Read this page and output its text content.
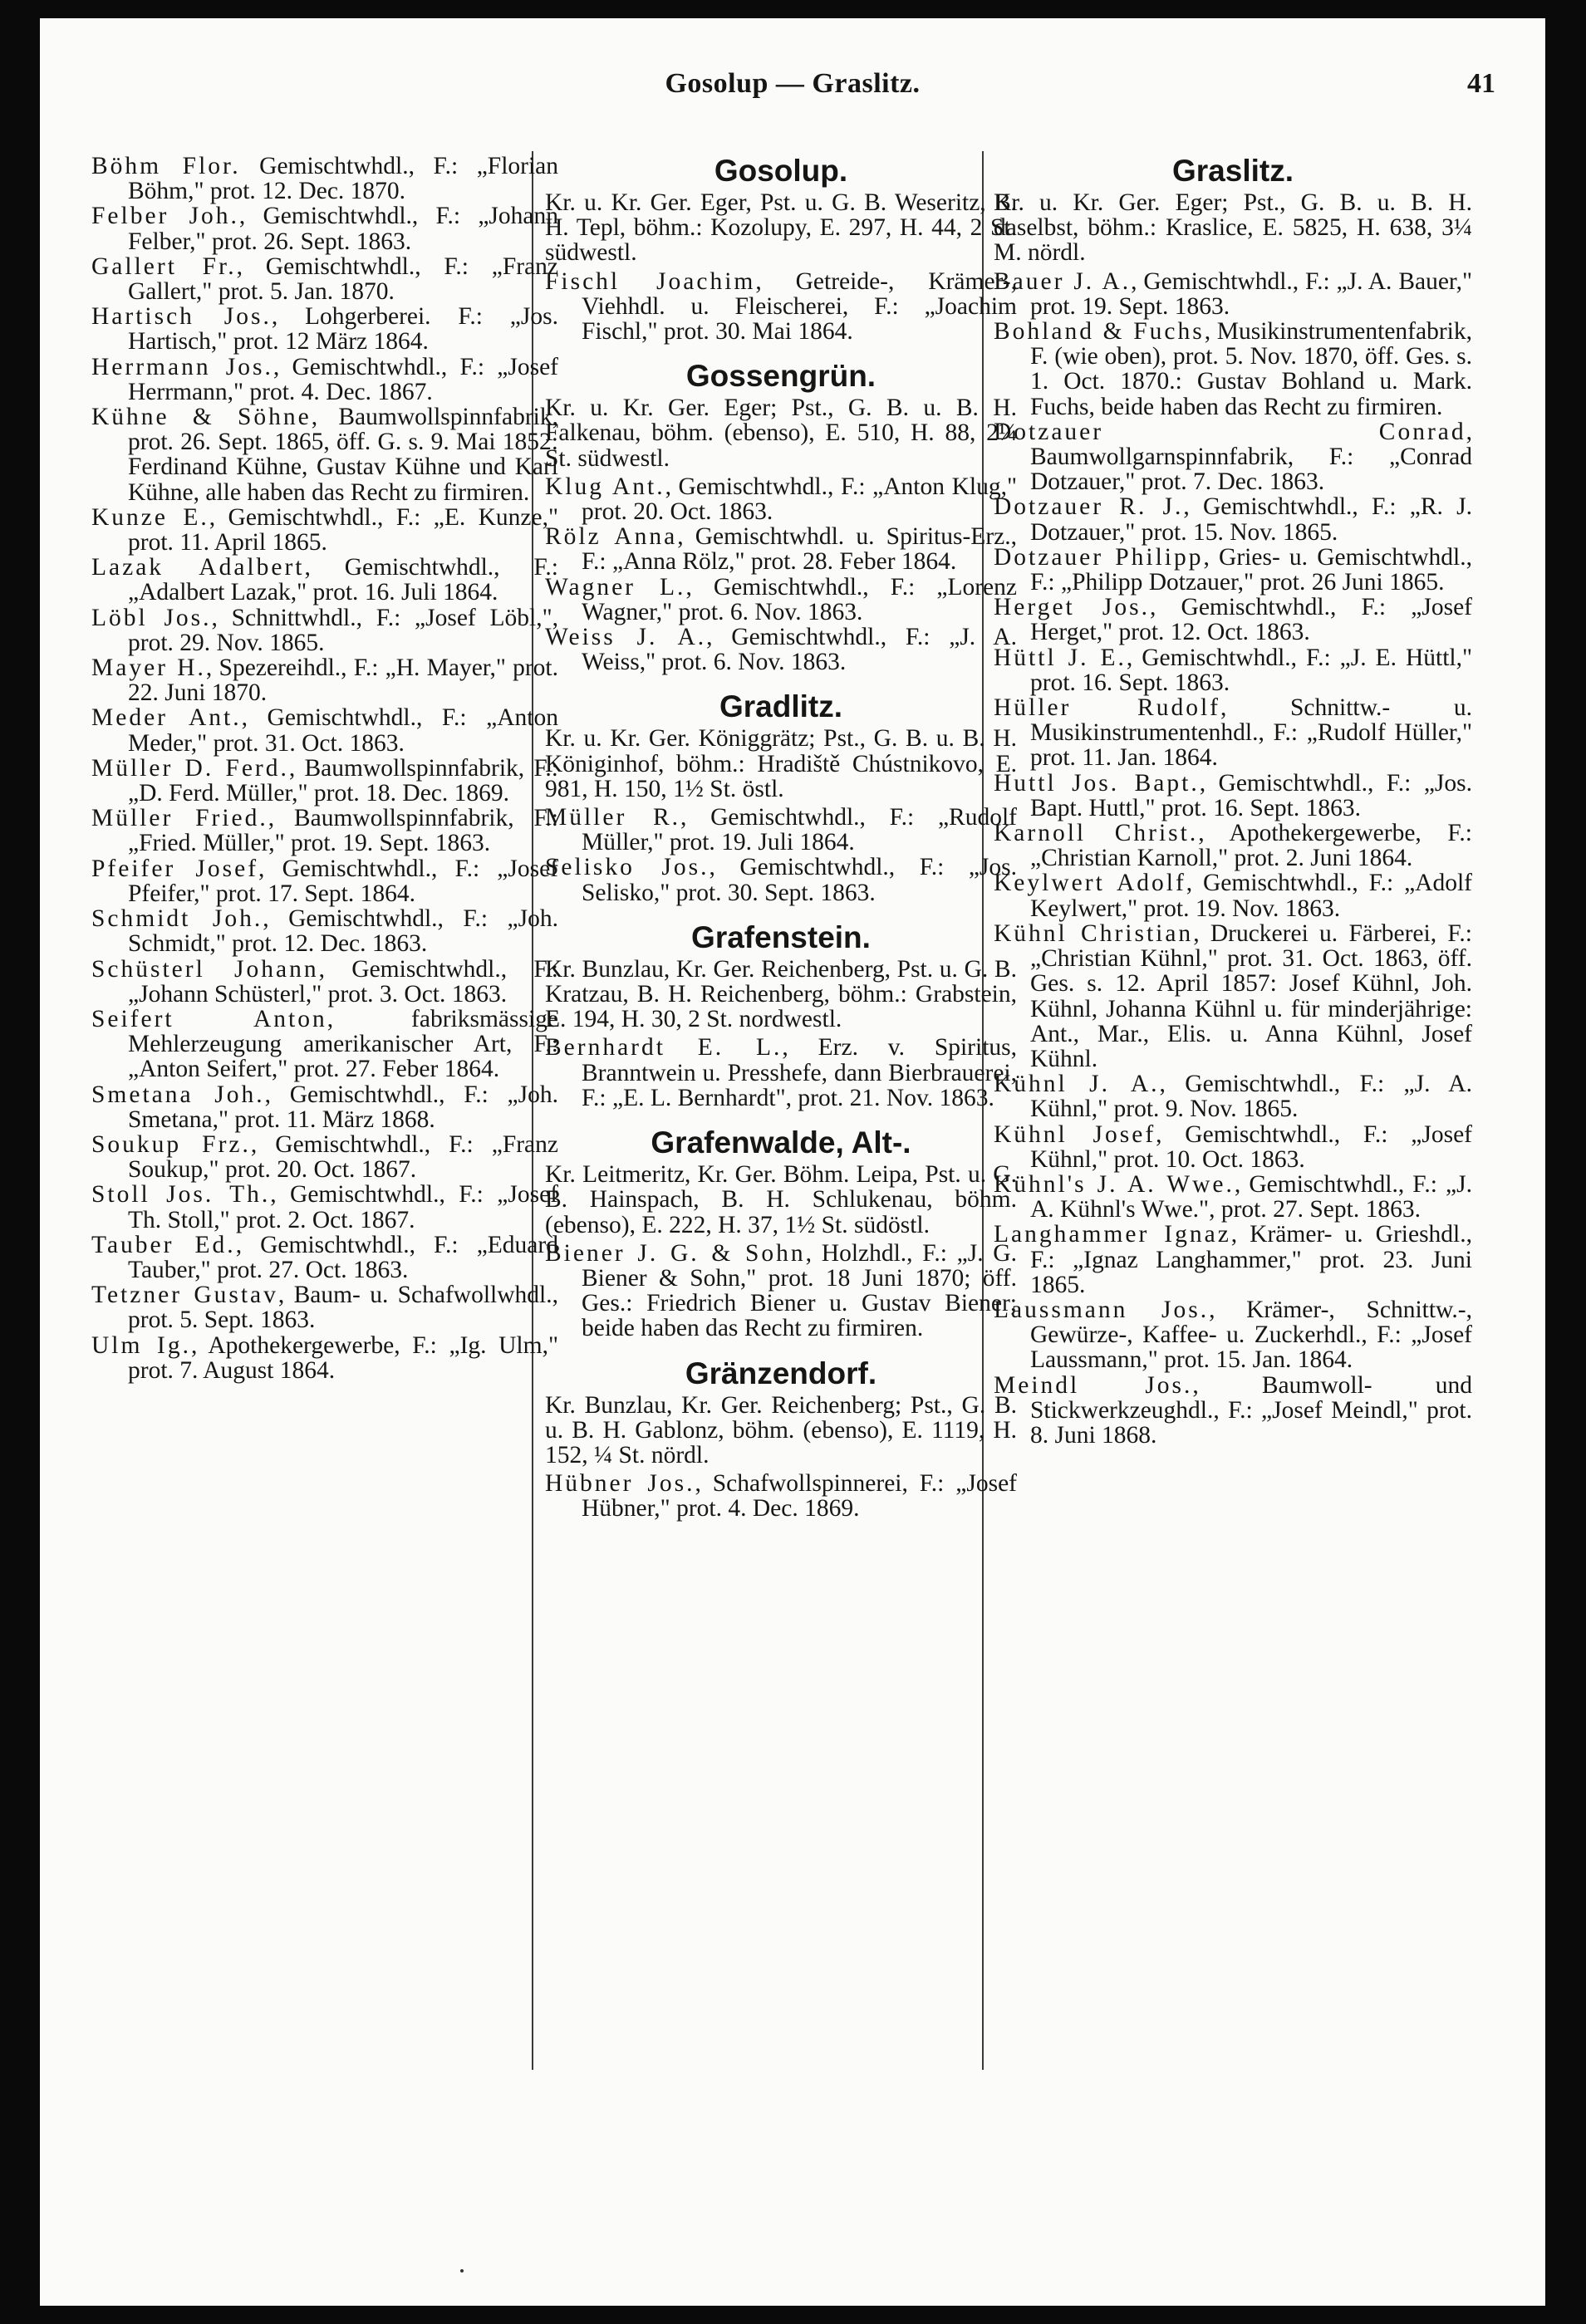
Gosolup — Graslitz.	41
Böhm Flor. Gemischtwhdl., F.: „Florian Böhm," prot. 12. Dec. 1870.
Felber Joh., Gemischtwhdl., F.: „Johann Felber," prot. 26. Sept. 1863.
Gallert Fr., Gemischtwhdl., F.: „Franz Gallert," prot. 5. Jan. 1870.
Hartisch Jos., Lohgerberei. F.: „Jos. Hartisch," prot. 12 März 1864.
Herrmann Jos., Gemischtwhdl., F.: „Josef Herrmann," prot. 4. Dec. 1867.
Kühne & Söhne, Baumwollspinnfabrik, prot. 26. Sept. 1865, öff. G. s. 9. Mai 1852: Ferdinand Kühne, Gustav Kühne und Karl Kühne, alle haben das Recht zu firmiren.
Kunze E., Gemischtwhdl., F.: „E. Kunze," prot. 11. April 1865.
Lazak Adalbert, Gemischtwhdl., F.: „Adalbert Lazak," prot. 16. Juli 1864.
Löbl Jos., Schnittwhdl., F.: „Josef Löbl,", prot. 29. Nov. 1865.
Mayer H., Spezereihdl., F.: „H. Mayer," prot. 22. Juni 1870.
Meder Ant., Gemischtwhdl., F.: „Anton Meder," prot. 31. Oct. 1863.
Müller D. Ferd., Baumwollspinnfabrik, F.: „D. Ferd. Müller," prot. 18. Dec. 1869.
Müller Fried., Baumwollspinnfabrik, F.: „Fried. Müller," prot. 19. Sept. 1863.
Pfeifer Josef, Gemischtwhdl., F.: „Josef Pfeifer," prot. 17. Sept. 1864.
Schmidt Joh., Gemischtwhdl., F.: „Joh. Schmidt," prot. 12. Dec. 1863.
Schüsterl Johann, Gemischtwhdl., F.: „Johann Schüsterl," prot. 3. Oct. 1863.
Seifert Anton, fabriksmässige Mehlerzeugung amerikanischer Art, F.: „Anton Seifert," prot. 27. Feber 1864.
Smetana Joh., Gemischtwhdl., F.: „Joh. Smetana," prot. 11. März 1868.
Soukup Frz., Gemischtwhdl., F.: „Franz Soukup," prot. 20. Oct. 1867.
Stoll Jos. Th., Gemischtwhdl., F.: „Josef Th. Stoll," prot. 2. Oct. 1867.
Tauber Ed., Gemischtwhdl., F.: „Eduard Tauber," prot. 27. Oct. 1863.
Tetzner Gustav, Baum- u. Schafwollwhdl., prot. 5. Sept. 1863.
Ulm Ig., Apothekergewerbe, F.: „Ig. Ulm," prot. 7. August 1864.
Gosolup.
Kr. u. Kr. Ger. Eger, Pst. u. G. B. Weseritz, B. H. Tepl, böhm.: Kozolupy, E. 297, H. 44, 2 St. südwestl.
Fischl Joachim, Getreide-, Krämer-, Viehhdl. u. Fleischerei, F.: „Joachim Fischl," prot. 30. Mai 1864.
Gossengrün.
Kr. u. Kr. Ger. Eger; Pst., G. B. u. B. H. Falkenau, böhm. (ebenso), E. 510, H. 88, 2¼ St. südwestl.
Klug Ant., Gemischtwhdl., F.: „Anton Klug," prot. 20. Oct. 1863.
Rölz Anna, Gemischtwhdl. u. Spiritus-Erz., F.: „Anna Rölz," prot. 28. Feber 1864.
Wagner L., Gemischtwhdl., F.: „Lorenz Wagner," prot. 6. Nov. 1863.
Weiss J. A., Gemischtwhdl., F.: „J. A. Weiss," prot. 6. Nov. 1863.
Gradlitz.
Kr. u. Kr. Ger. Königgrätz; Pst., G. B. u. B. H. Königinhof, böhm.: Hradiště Chústnikovo, E. 981, H. 150, 1½ St. östl.
Müller R., Gemischtwhdl., F.: „Rudolf Müller," prot. 19. Juli 1864.
Selisko Jos., Gemischtwhdl., F.: „Jos. Selisko," prot. 30. Sept. 1863.
Grafenstein.
Kr. Bunzlau, Kr. Ger. Reichenberg, Pst. u. G. B. Kratzau, B. H. Reichenberg, böhm.: Grabstein, E. 194, H. 30, 2 St. nordwestl.
Bernhardt E. L., Erz. v. Spiritus, Branntwein u. Presshefe, dann Bierbrauerei, F.: „E. L. Bernhardt", prot. 21. Nov. 1863.
Grafenwalde, Alt-.
Kr. Leitmeritz, Kr. Ger. Böhm. Leipa, Pst. u. G. B. Hainspach, B. H. Schlukenau, böhm. (ebenso), E. 222, H. 37, 1½ St. südöstl.
Biener J. G. & Sohn, Holzhdl., F.: „J. G. Biener & Sohn," prot. 18 Juni 1870; öff. Ges.: Friedrich Biener u. Gustav Biener; beide haben das Recht zu firmiren.
Gränzendorf.
Kr. Bunzlau, Kr. Ger. Reichenberg; Pst., G. B. u. B. H. Gablonz, böhm. (ebenso), E. 1119, H. 152, ¼ St. nördl.
Hübner Jos., Schafwollspinnerei, F.: „Josef Hübner," prot. 4. Dec. 1869.
Graslitz.
Kr. u. Kr. Ger. Eger; Pst., G. B. u. B. H. daselbst, böhm.: Kraslice, E. 5825, H. 638, 3¼ M. nördl.
Bauer J. A., Gemischtwhdl., F.: „J. A. Bauer," prot. 19. Sept. 1863.
Bohland & Fuchs, Musikinstrumentenfabrik, F. (wie oben), prot. 5. Nov. 1870, öff. Ges. s. 1. Oct. 1870.: Gustav Bohland u. Mark. Fuchs, beide haben das Recht zu firmiren.
Dotzauer Conrad, Baumwollgarnspinnfabrik, F.: „Conrad Dotzauer," prot. 7. Dec. 1863.
Dotzauer R. J., Gemischtwhdl., F.: „R. J. Dotzauer," prot. 15. Nov. 1865.
Dotzauer Philipp, Gries- u. Gemischtwhdl., F.: „Philipp Dotzauer," prot. 26 Juni 1865.
Herget Jos., Gemischtwhdl., F.: „Josef Herget," prot. 12. Oct. 1863.
Hüttl J. E., Gemischtwhdl., F.: „J. E. Hüttl," prot. 16. Sept. 1863.
Hüller Rudolf, Schnittw.- u. Musikinstrumentenhdl., F.: „Rudolf Hüller," prot. 11. Jan. 1864.
Huttl Jos. Bapt., Gemischtwhdl., F.: „Jos. Bapt. Huttl," prot. 16. Sept. 1863.
Karnoll Christ., Apothekergewerbe, F.: „Christian Karnoll," prot. 2. Juni 1864.
Keylwert Adolf, Gemischtwhdl., F.: „Adolf Keylwert," prot. 19. Nov. 1863.
Kühnl Christian, Druckerei u. Färberei, F.: „Christian Kühnl," prot. 31. Oct. 1863, öff. Ges. s. 12. April 1857: Josef Kühnl, Joh. Kühnl, Johanna Kühnl u. für minderjährige: Ant., Mar., Elis. u. Anna Kühnl, Josef Kühnl.
Kühnl J. A., Gemischtwhdl., F.: „J. A. Kühnl," prot. 9. Nov. 1865.
Kühnl Josef, Gemischtwhdl., F.: „Josef Kühnl," prot. 10. Oct. 1863.
Kühnl's J. A. Wwe., Gemischtwhdl., F.: „J. A. Kühnl's Wwe.", prot. 27. Sept. 1863.
Langhammer Ignaz, Krämer- u. Grieshdl., F.: „Ignaz Langhammer," prot. 23. Juni 1865.
Laussmann Jos., Krämer-, Schnittw.-, Gewürze-, Kaffee- u. Zuckerhdl., F.: „Josef Laussmann," prot. 15. Jan. 1864.
Meindl Jos., Baumwoll- und Stickwerkzeughdl., F.: „Josef Meindl," prot. 8. Juni 1868.
